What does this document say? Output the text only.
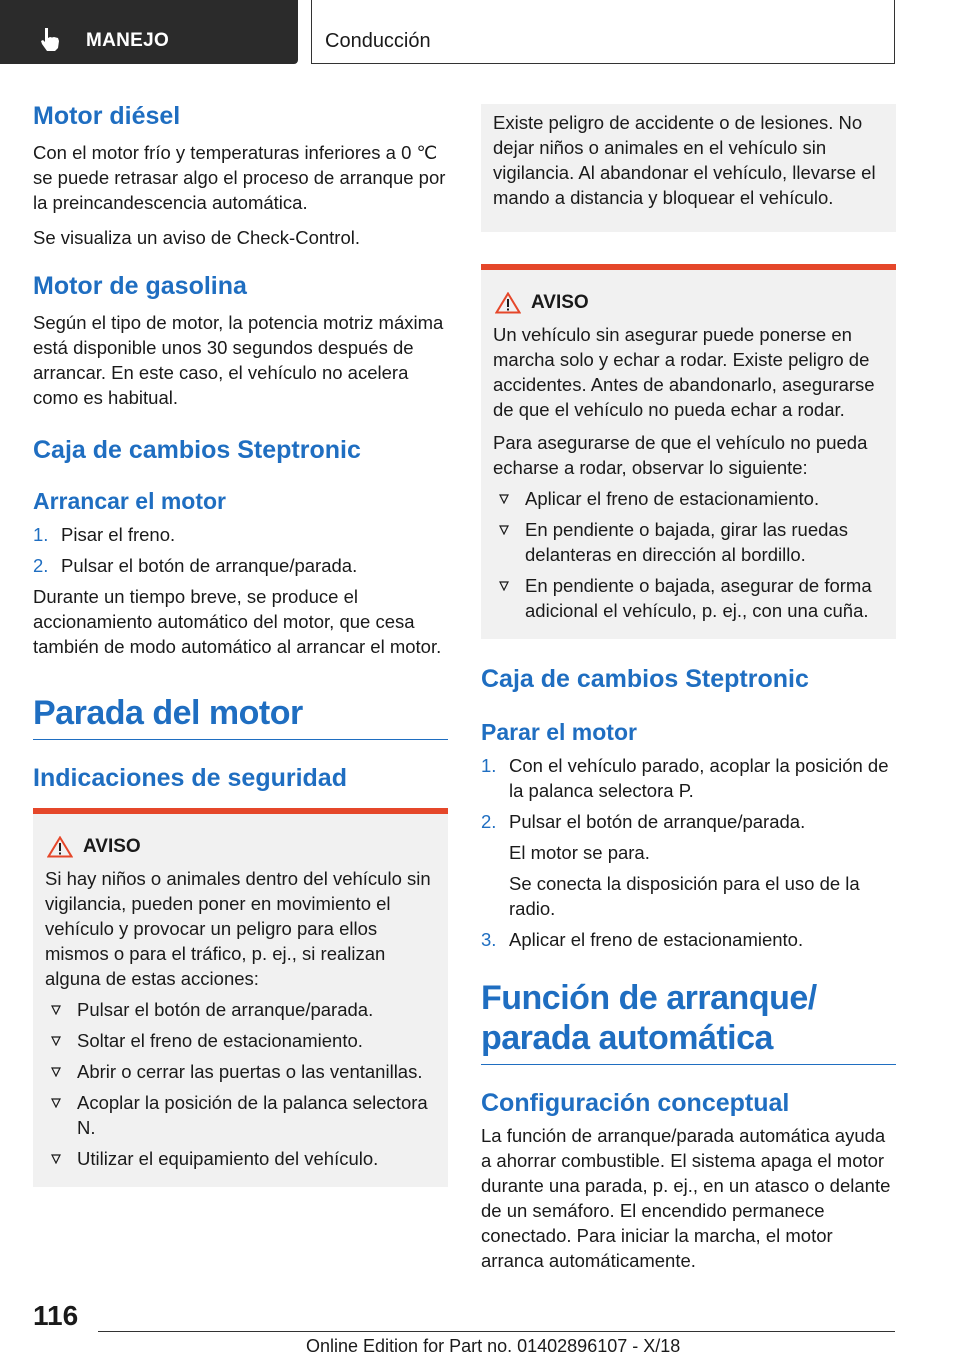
MANEJO	Conducción
Motor diésel

Con el motor frío y temperaturas inferiores a 0 ℃ se puede retrasar algo el proceso de arranque por la preincandescencia automática.

Se visualiza un aviso de Check-Control.

Motor de gasolina

Según el tipo de motor, la potencia motriz máxima está disponible unos 30 segundos después de arrancar. En este caso, el vehículo no acelera como es habitual.

Caja de cambios Steptronic
Arrancar el motor
1. Pisar el freno.
2. Pulsar el botón de arranque/parada.

Durante un tiempo breve, se produce el accionamiento automático del motor, que cesa también de modo automático al arrancar el motor.

Parada del motor
Indicaciones de seguridad
AVISO

Si hay niños o animales dentro del vehículo sin vigilancia, pueden poner en movimiento el vehículo y provocar un peligro para ellos mismos o para el tráfico, p. ej., si realizan alguna de estas acciones:

Pulsar el botón de arranque/parada.
Soltar el freno de estacionamiento.
Abrir o cerrar las puertas o las ventanillas.
Acoplar la posición de la palanca selectora N.
Utilizar el equipamiento del vehículo.

Existe peligro de accidente o de lesiones. No dejar niños o animales en el vehículo sin vigilancia. Al abandonar el vehículo, llevarse el mando a distancia y bloquear el vehículo.

AVISO

Un vehículo sin asegurar puede ponerse en marcha solo y echar a rodar. Existe peligro de accidentes. Antes de abandonarlo, asegurarse de que el vehículo no pueda echar a rodar.

Para asegurarse de que el vehículo no pueda echarse a rodar, observar lo siguiente:

Aplicar el freno de estacionamiento.
En pendiente o bajada, girar las ruedas delanteras en dirección al bordillo.
En pendiente o bajada, asegurar de forma adicional el vehículo, p. ej., con una cuña.
Caja de cambios Steptronic
Parar el motor
1. Con el vehículo parado, acoplar la posición de la palanca selectora P.
2. Pulsar el botón de arranque/parada.
El motor se para.
Se conecta la disposición para el uso de la radio.
3. Aplicar el freno de estacionamiento.
Función de arranque/
parada automática
Configuración conceptual

La función de arranque/parada automática ayuda a ahorrar combustible. El sistema apaga el motor durante una parada, p. ej., en un atasco o delante de un semáforo. El encendido permanece conectado. Para iniciar la marcha, el motor arranca automáticamente.

116
Online Edition for Part no. 01402896107 - X/18
